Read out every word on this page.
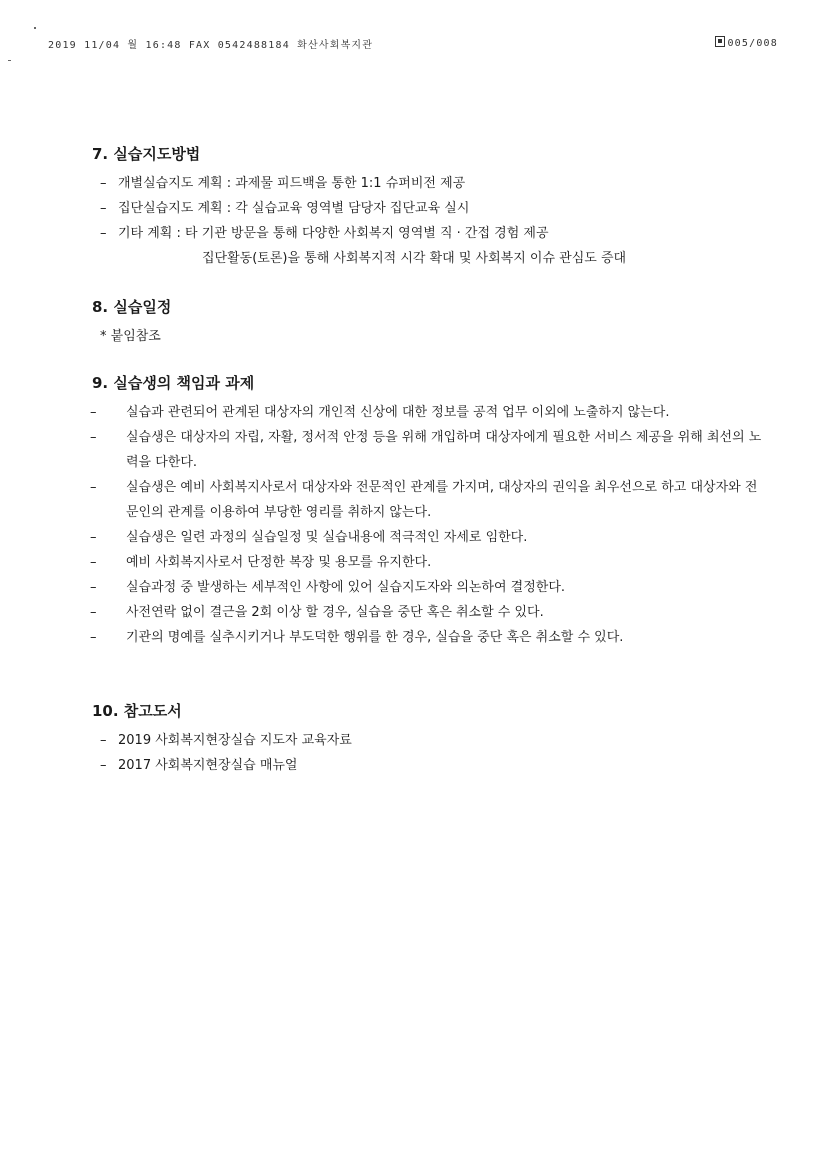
2019 11/04 월 16:48 FAX 0542488184 화산사회복지관	005/008
7. 실습지도방법
– 개별실습지도 계획 : 과제물 피드백을 통한 1:1 슈퍼비전 제공
– 집단실습지도 계획 : 각 실습교육 영역별 담당자 집단교육 실시
– 기타 계획 : 타 기관 방문을 통해 다양한 사회복지 영역별 직 · 간접 경험 제공
집단활동(토론)을 통해 사회복지적 시각 확대 및 사회복지 이슈 관심도 증대
8. 실습일정
* 붙임참조
9. 실습생의 책임과 과제
– 실습과 관련되어 관계된 대상자의 개인적 신상에 대한 정보를 공적 업무 이외에 노출하지 않는다.
– 실습생은 대상자의 자립, 자활, 정서적 안정 등을 위해 개입하며 대상자에게 필요한 서비스 제공을 위해 최선의 노력을 다한다.
– 실습생은 예비 사회복지사로서 대상자와 전문적인 관계를 가지며, 대상자의 권익을 최우선으로 하고 대상자와 전문인의 관계를 이용하여 부당한 영리를 취하지 않는다.
– 실습생은 일련 과정의 실습일정 및 실습내용에 적극적인 자세로 임한다.
– 예비 사회복지사로서 단정한 복장 및 용모를 유지한다.
– 실습과정 중 발생하는 세부적인 사항에 있어 실습지도자와 의논하여 결정한다.
– 사전연락 없이 결근을 2회 이상 할 경우, 실습을 중단 혹은 취소할 수 있다.
– 기관의 명예를 실추시키거나 부도덕한 행위를 한 경우, 실습을 중단 혹은 취소할 수 있다.
10. 참고도서
– 2019 사회복지현장실습 지도자 교육자료
– 2017 사회복지현장실습 매뉴얼
